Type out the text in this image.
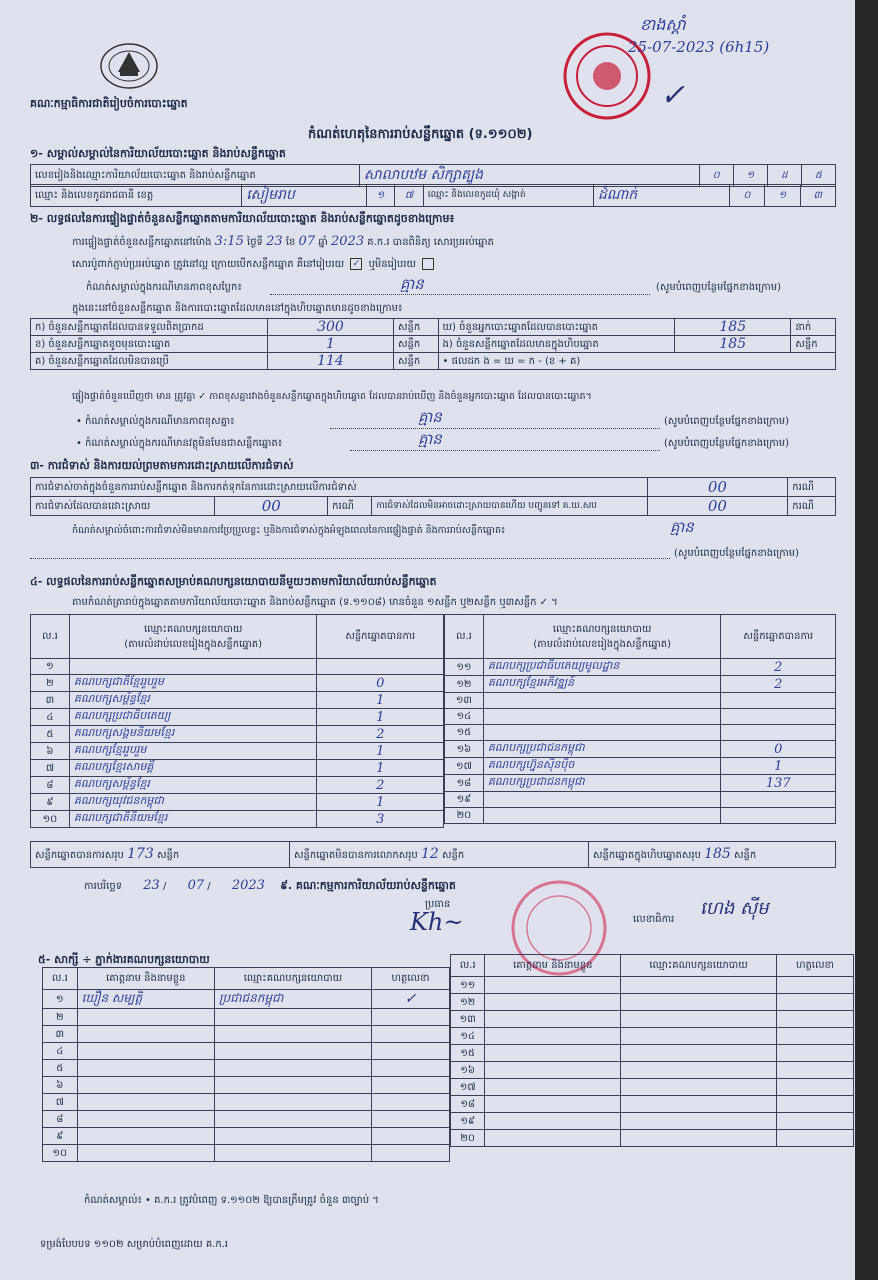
គណៈកម្មាធិការជាតិរៀបចំការបោះឆ្នោត
ខាងស្ដាំ
25-07-2023 (6h15)
✓
កំណត់ហេតុនៃការរាប់សន្លឹកឆ្នោត (ទ.១១០២)
១- សម្គាល់សម្គាល់នៃការិយាល័យបោះឆ្នោត និងរាប់សន្លឹកឆ្នោត
លេខរៀងនិងឈ្មោះការិយាល័យបោះឆ្នោត និងរាប់សន្លឹកឆ្នោត	សាលាបឋម សិក្សាត្បូង	០	១	ដ	៥
ឈ្មោះ និងលេខកូដរាជធានី ខេត្ត	សៀមរាប	១	៧	ឈ្មោះ និងលេខកូដឃុំ សង្កាត់	ដំណាក់	០	១	៣
២- លទ្ធផលនៃការផ្ទៀងផ្ទាត់ចំនួនសន្លឹកឆ្នោតតាមការិយាល័យបោះឆ្នោត និងរាប់សន្លឹកឆ្នោតដូចខាងក្រោម៖
ការផ្ទៀងផ្ទាត់ចំនួនសន្លឹកឆ្នោតនៅម៉ោង 3:15 ថ្ងៃទី 23 ខែ 07 ឆ្នាំ 2023 គ.ក.រ បានពិនិត្យ សោរប្រអប់ឆ្នោត
សោរប៉ូពាក់ភ្ជាប់ប្រអប់ឆ្នោត ត្រូវនៅល្អ ក្រោយបើកសន្លឹកឆ្នោត គឺនៅរៀបរយ ✓ ឬមិនរៀបរយ
កំណត់សម្គាល់ក្នុងករណីមានភាពខុសប្លែក៖	គ្មាន	(សូមបំពេញបន្ថែមផ្នែកខាងក្រោម)
ក្នុងនេះនៅចំនួនសន្លឹកឆ្នោត និងការបោះឆ្នោតដែលមាននៅក្នុងហិបឆ្នោតមានដូចខាងក្រោម៖
ក) ចំនួនសន្លឹកឆ្នោតដែលបានទទួលពិតប្រាកដ	300	សន្លឹក	ឃ) ចំនួនអ្នកបោះឆ្នោតដែលបានបោះឆ្នោត	185	នាក់
ខ) ចំនួនសន្លឹកឆ្នោតខូចមុនបោះឆ្នោត	1	សន្លឹក	ង) ចំនួនសន្លឹកឆ្នោតដែលមានក្នុងហិបឆ្នោត	185	សន្លឹក
គ) ចំនួនសន្លឹកឆ្នោតដែលមិនបានប្រើ	114	សន្លឹក	• ផលដក ង = ឃ = ក - (ខ + គ)		
ផ្ទៀងផ្ទាត់ចំនួនឃើញថា មាន ត្រូវគ្នា ✓ ភាពខុសគ្នារវាងចំនួនសន្លឹកឆ្នោតក្នុងហិបឆ្នោត ដែលបានរាប់ឃើញ និងចំនួនអ្នកបោះឆ្នោត ដែលបានបោះឆ្នោត។
• កំណត់សម្គាល់ក្នុងករណីមានភាពខុសគ្នា៖	គ្មាន	(សូមបំពេញបន្ថែមផ្នែកខាងក្រោម)
• កំណត់សម្គាល់ក្នុងករណីមានវត្ថុមិនមែនជាសន្លឹកឆ្នោត៖	គ្មាន	(សូមបំពេញបន្ថែមផ្នែកខាងក្រោម)
៣- ការជំទាស់ និងការយល់ព្រមតាមការដោះស្រាយលើការជំទាស់
ការជំទាស់ចាត់ក្នុងចំនួនការរាប់សន្លឹកឆ្នោត និងការកត់ទុកនៃការដោះស្រាយលើការជំទាស់				00	ករណី
ការជំទាស់ដែលបានដោះស្រាយ	00	ករណី	ការជំទាស់ដែលមិនអាចដោះស្រាយបានហើយ បញ្ជូនទៅ គ.ឃ.សប	00	ករណី
កំណត់សម្គាល់ចំពោះការជំទាស់មិនមានការប្រែប្រួលខ្លះ ឬនិងការជំទាស់ក្នុងអំឡុងពេលនៃការផ្ទៀងផ្ទាត់ និងការរាប់សន្លឹកឆ្នោត៖	គ្មាន
(សូមបំពេញបន្ថែមផ្នែកខាងក្រោម)
៤- លទ្ធផលនៃការរាប់សន្លឹកឆ្នោតសម្រាប់គណបក្សនយោបាយនីមួយៗតាមការិយាល័យរាប់សន្លឹកឆ្នោត
តាមកំណត់ត្រារាប់ក្នុងឆ្នោតតាមការិយាល័យបោះឆ្នោត និងរាប់សន្លឹកឆ្នោត (ទ.១១០៨) មានចំនួន ១សន្លឹក ឬ២សន្លឹក ឬ៣សន្លឹក ✓ ។
ល.រ	ឈ្មោះគណបក្សនយោបាយ
(តាមលំដាប់លេខរៀងក្នុងសន្លឹកឆ្នោត)	សន្លឹកឆ្នោតបានការ
១		
២	គណបក្សជាតិខ្មែររួបរួម	0
៣	គណបក្សសម្ព័ន្ធខ្មែរ	1
៤	គណបក្សប្រជាធិបតេយ្យ	1
៥	គណបក្សសង្គមនិយមខ្មែរ	2
៦	គណបក្សខ្មែររួបរួម	1
៧	គណបក្សខ្មែរសាមគ្គី	1
៨	គណបក្សសម្ព័ន្ធខ្មែរ	2
៩	គណបក្សយុវជនកម្ពុជា	1
១០	គណបក្សជាតិនិយមខ្មែរ	3
ល.រ	ឈ្មោះគណបក្សនយោបាយ
(តាមលំដាប់លេខរៀងក្នុងសន្លឹកឆ្នោត)	សន្លឹកឆ្នោតបានការ
១១	គណបក្សប្រជាធិបតេយ្យមូលដ្ឋាន	2
១២	គណបក្សខ្មែរអភិវឌ្ឍន៍	2
១៣		
១៤		
១៥		
១៦	គណបក្សប្រជាជនកម្ពុជា	0
១៧	គណបក្សហ្វ៊ុនស៊ិនប៉ិច	1
១៨	គណបក្សប្រជាជនកម្ពុជា	137
១៩		
២០		
សន្លឹកឆ្នោតបានការសរុប 173 សន្លឹក	សន្លឹកឆ្នោតមិនបានការលោកសរុប 12 សន្លឹក	សន្លឹកឆ្នោតក្នុងហិបឆ្នោតសរុប 185 សន្លឹក
ការបរិច្ឆេទ 23 / 07 / 2023 ៩. គណៈកម្មការការិយាល័យរាប់សន្លឹកឆ្នោត
ប្រធាន
Kh~	លេខាធិការ
ហេង ស៊ីម
៥- សាក្សី ÷ ភ្នាក់ងារគណបក្សនយោបាយ
ល.រ	គោត្តនាម និងនាមខ្លួន	ឈ្មោះគណបក្សនយោបាយ	ហត្ថលេខា
១	ឃឿន សម្បត្តិ	ប្រជាជនកម្ពុជា	✓
២			
៣			
៤			
៥			
៦			
៧			
៨			
៩			
១០			
ល.រ	គោត្តនាម និងនាមខ្លួន	ឈ្មោះគណបក្សនយោបាយ	ហត្ថលេខា
១១			
១២			
១៣			
១៤			
១៥			
១៦			
១៧			
១៨			
១៩			
២០			
កំណត់សម្គាល់៖ • គ.ក.រ ត្រូវបំពេញ ទ.១១០២ ឱ្យបានត្រឹមត្រូវ ចំនួន ៣ច្បាប់ ។
ទម្រង់បែបបទ ១១០២ សម្រាប់បំពេញដោយ គ.ក.រ
